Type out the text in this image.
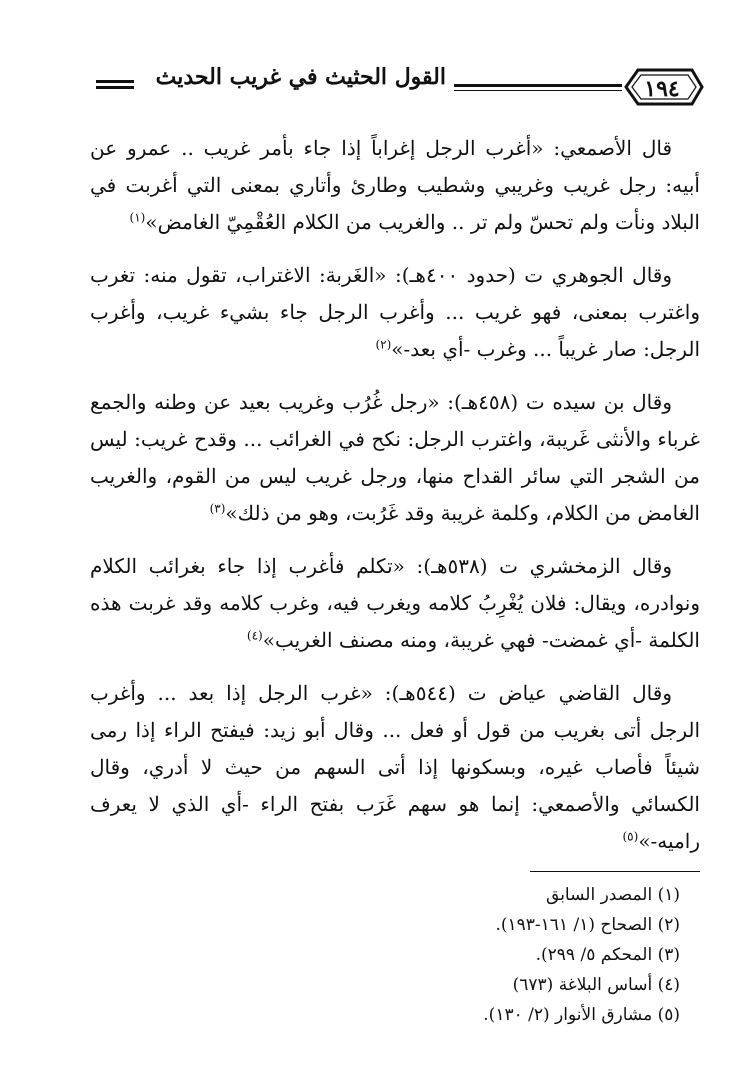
القول الحثيث في غريب الحديث	١٩٤

قال الأصمعي: «أغرب الرجل إغراباً إذا جاء بأمر غريب .. عمرو عن أبيه: رجل غريب وغريبي وشطيب وطارئ وأتاري بمعنى التي أغربت في البلاد ونأت ولم تحسّ ولم تر .. والغريب من الكلام العُقْمِيّ الغامض»$^{(١)}$

وقال الجوهري ت (حدود ٤٠٠هـ): «الغَربة: الاغتراب، تقول منه: تغرب واغترب بمعنى، فهو غريب ... وأغرب الرجل جاء بشيء غريب، وأغرب الرجل: صار غريباً ... وغرب -أي بعد-»$^{(٢)}$

وقال بن سيده ت (٤٥٨هـ): «رجل غُرُب وغريب بعيد عن وطنه والجمع غرباء والأنثى غَريبة، واغترب الرجل: نكح في الغرائب ... وقدح غريب: ليس من الشجر التي سائر القداح منها، ورجل غريب ليس من القوم، والغريب الغامض من الكلام، وكلمة غريبة وقد غَرُبت، وهو من ذلك»$^{(٣)}$

وقال الزمخشري ت (٥٣٨هـ): «تكلم فأغرب إذا جاء بغرائب الكلام ونوادره، ويقال: فلان يُغْرِبُ كلامه ويغرب فيه، وغرب كلامه وقد غربت هذه الكلمة -أي غمضت- فهي غريبة، ومنه مصنف الغريب»$^{(٤)}$

وقال القاضي عياض ت (٥٤٤هـ): «غرب الرجل إذا بعد ... وأغرب الرجل أتى بغريب من قول أو فعل ... وقال أبو زيد: فيفتح الراء إذا رمى شيئاً فأصاب غيره، وبسكونها إذا أتى السهم من حيث لا أدري، وقال الكسائي والأصمعي: إنما هو سهم غَرَب بفتح الراء -أي الذي لا يعرف راميه-»$^{(٥)}$

(١) المصدر السابق

(٢) الصحاح (١/ ١٦١-١٩٣).

(٣) المحكم ٥/ ٢٩٩).

(٤) أساس البلاغة (٦٧٣)

(٥) مشارق الأنوار (٢/ ١٣٠).
